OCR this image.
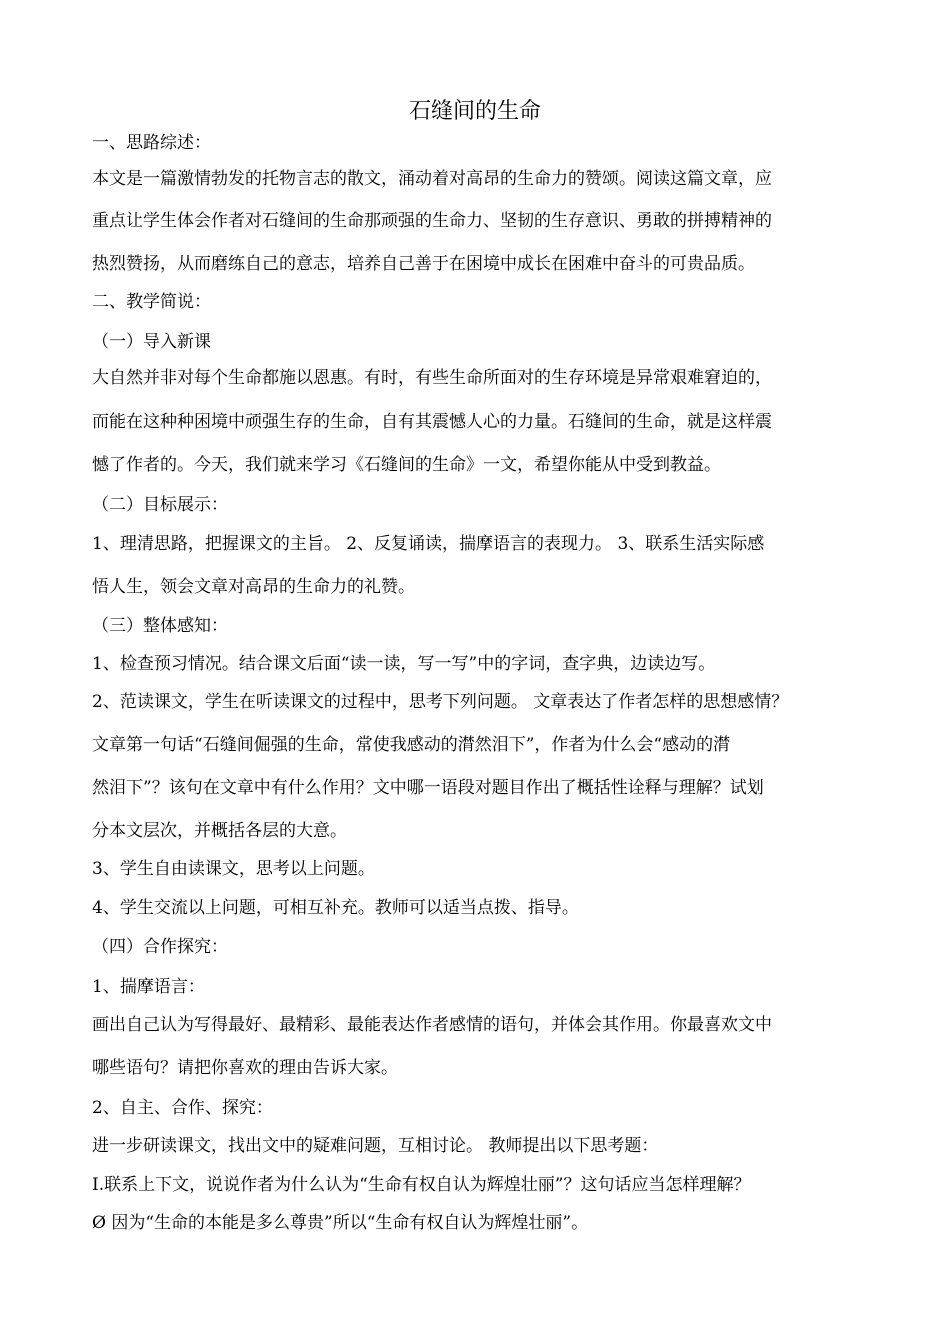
石缝间的生命
一、思路综述：
本文是一篇激情勃发的托物言志的散文，涌动着对高昂的生命力的赞颂。阅读这篇文章，应
重点让学生体会作者对石缝间的生命那顽强的生命力、坚韧的生存意识、勇敢的拼搏精神的
热烈赞扬，从而磨练自己的意志，培养自己善于在困境中成长在困难中奋斗的可贵品质。
二、教学简说：
（一）导入新课
大自然并非对每个生命都施以恩惠。有时，有些生命所面对的生存环境是异常艰难窘迫的，
而能在这种种困境中顽强生存的生命，自有其震憾人心的力量。石缝间的生命，就是这样震
憾了作者的。今天，我们就来学习《石缝间的生命》一文，希望你能从中受到教益。
（二）目标展示：
1、理清思路，把握课文的主旨。 2、反复诵读，揣摩语言的表现力。 3、联系生活实际感
悟人生，领会文章对高昂的生命力的礼赞。
（三）整体感知：
1、检查预习情况。结合课文后面“读一读，写一写”中的字词，查字典，边读边写。
2、范读课文，学生在听读课文的过程中，思考下列问题。 文章表达了作者怎样的思想感情？
文章第一句话“石缝间倔强的生命，常使我感动的潸然泪下”，作者为什么会“感动的潸
然泪下”？该句在文章中有什么作用？文中哪一语段对题目作出了概括性诠释与理解？试划
分本文层次，并概括各层的大意。
3、学生自由读课文，思考以上问题。
4、学生交流以上问题，可相互补充。教师可以适当点拨、指导。
（四）合作探究：
1、揣摩语言：
画出自己认为写得最好、最精彩、最能表达作者感情的语句，并体会其作用。你最喜欢文中
哪些语句？请把你喜欢的理由告诉大家。
2、自主、合作、探究：
进一步研读课文，找出文中的疑难问题，互相讨论。 教师提出以下思考题：
I.联系上下文，说说作者为什么认为“生命有权自认为辉煌壮丽”？这句话应当怎样理解？
Ø 因为“生命的本能是多么尊贵”所以“生命有权自认为辉煌壮丽”。
